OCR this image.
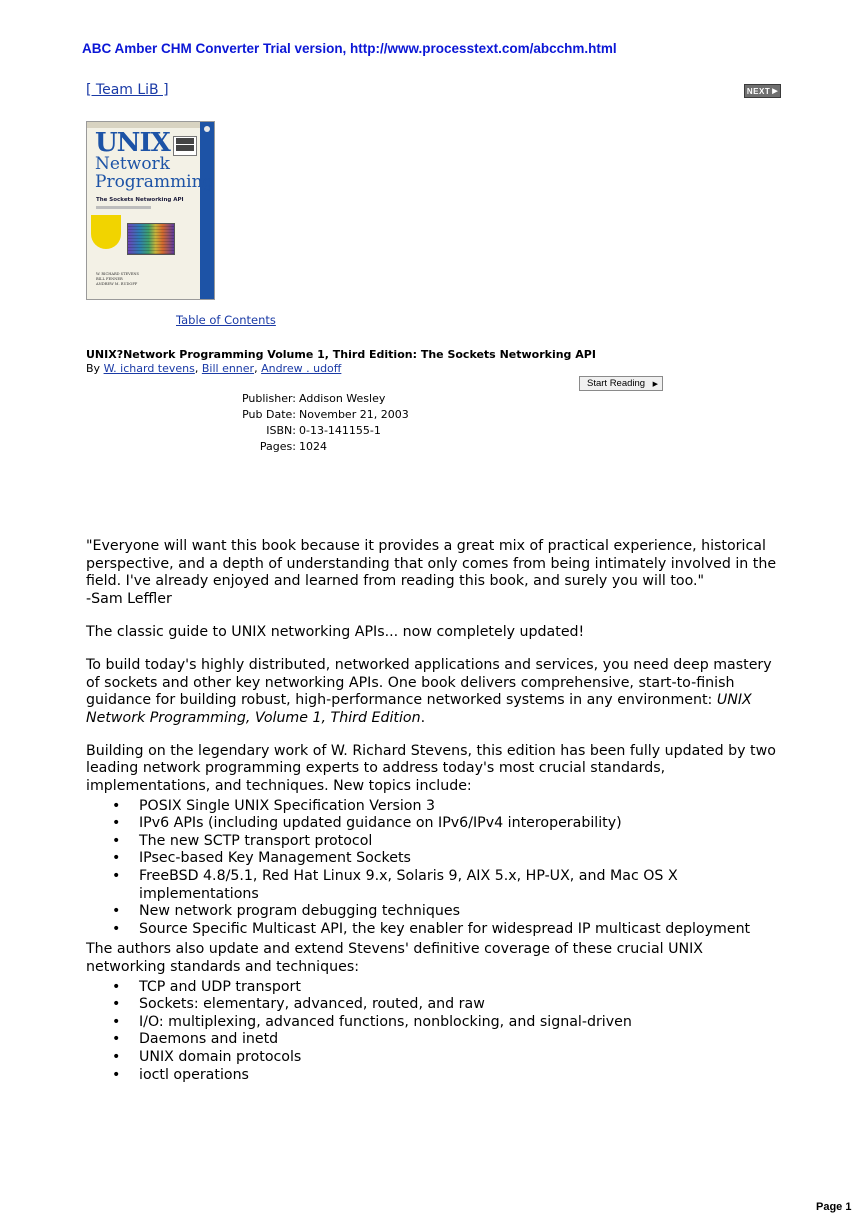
ABC Amber CHM Converter Trial version, http://www.processtext.com/abcchm.html
[ Team LiB ]	NEXT ▶
UNIX
Network
Programming
The Sockets Networking API
W. RICHARD STEVENS
BILL FENNER
ANDREW M. RUDOFF
Table of Contents
UNIX?Network Programming Volume 1, Third Edition: The Sockets Networking API
By W. ichard tevens, Bill enner, Andrew . udoff
Start Reading ▶
Publisher: Addison Wesley
Pub Date: November 21, 2003
ISBN: 0-13-141155-1
Pages: 1024
"Everyone will want this book because it provides a great mix of practical experience, historical perspective, and a depth of understanding that only comes from being intimately involved in the field. I've already enjoyed and learned from reading this book, and surely you will too."
-Sam Leffler

The classic guide to UNIX networking APIs... now completely updated!

To build today's highly distributed, networked applications and services, you need deep mastery of sockets and other key networking APIs. One book delivers comprehensive, start-to-finish guidance for building robust, high-performance networked systems in any environment: UNIX Network Programming, Volume 1, Third Edition.

Building on the legendary work of W. Richard Stevens, this edition has been fully updated by two leading network programming experts to address today's most crucial standards, implementations, and techniques. New topics include:

• POSIX Single UNIX Specification Version 3
• IPv6 APIs (including updated guidance on IPv6/IPv4 interoperability)
• The new SCTP transport protocol
• IPsec-based Key Management Sockets
• FreeBSD 4.8/5.1, Red Hat Linux 9.x, Solaris 9, AIX 5.x, HP-UX, and Mac OS X implementations
• New network program debugging techniques
• Source Specific Multicast API, the key enabler for widespread IP multicast deployment

The authors also update and extend Stevens' definitive coverage of these crucial UNIX networking standards and techniques:

• TCP and UDP transport
• Sockets: elementary, advanced, routed, and raw
• I/O: multiplexing, advanced functions, nonblocking, and signal-driven
• Daemons and inetd
• UNIX domain protocols
• ioctl operations
Page 1
